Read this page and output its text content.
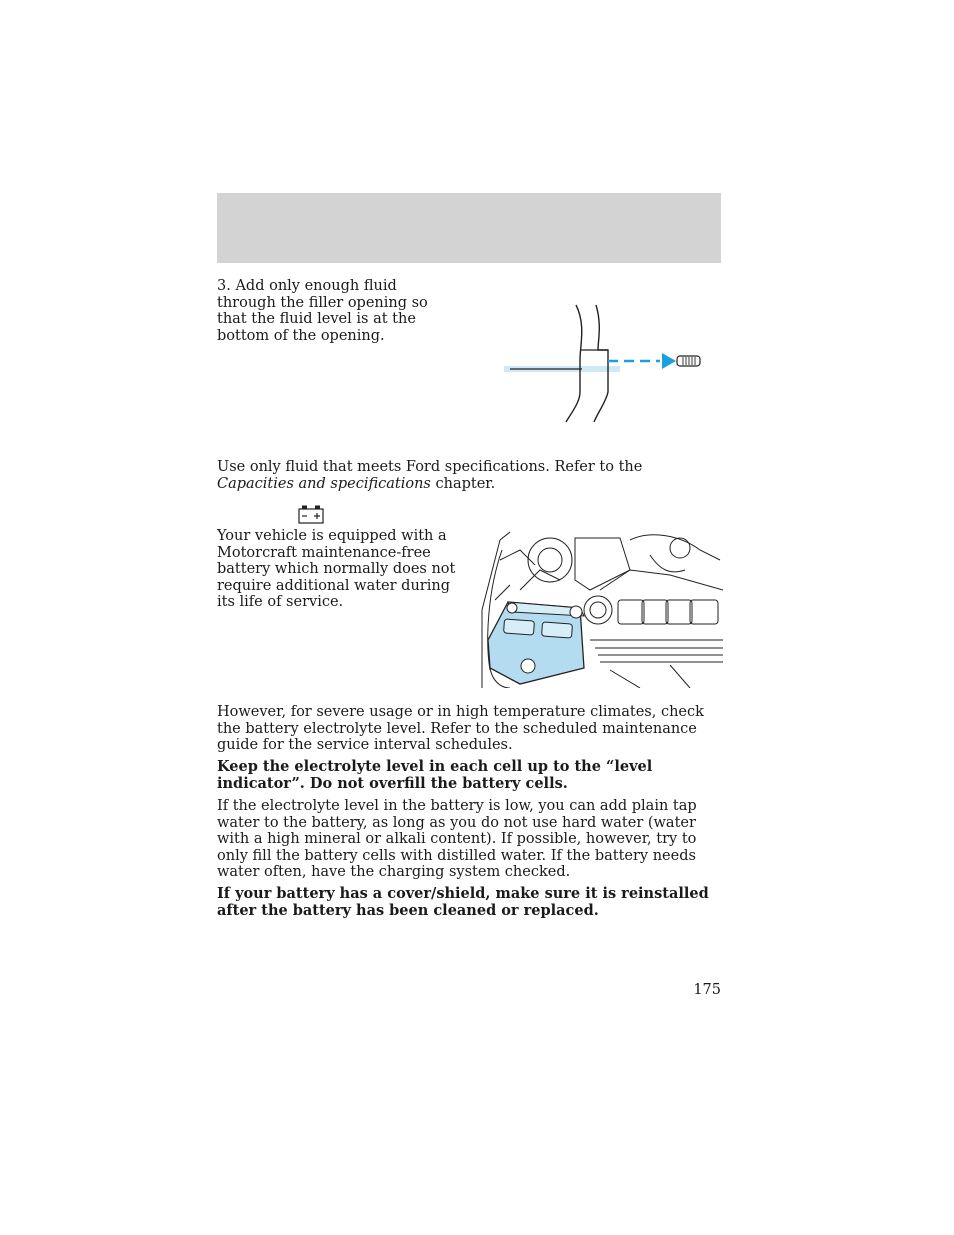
3. Add only enough fluid through the filler opening so that the fluid level is at the bottom of the opening.

Use only fluid that meets Ford specifications. Refer to the Capacities and specifications chapter.

Your vehicle is equipped with a Motorcraft maintenance-free battery which normally does not require additional water during its life of service.

However, for severe usage or in high temperature climates, check the battery electrolyte level. Refer to the scheduled maintenance guide for the service interval schedules.

Keep the electrolyte level in each cell up to the “level indicator”. Do not overfill the battery cells.

If the electrolyte level in the battery is low, you can add plain tap water to the battery, as long as you do not use hard water (water with a high mineral or alkali content). If possible, however, try to only fill the battery cells with distilled water. If the battery needs water often, have the charging system checked.

If your battery has a cover/shield, make sure it is reinstalled after the battery has been cleaned or replaced.

175
